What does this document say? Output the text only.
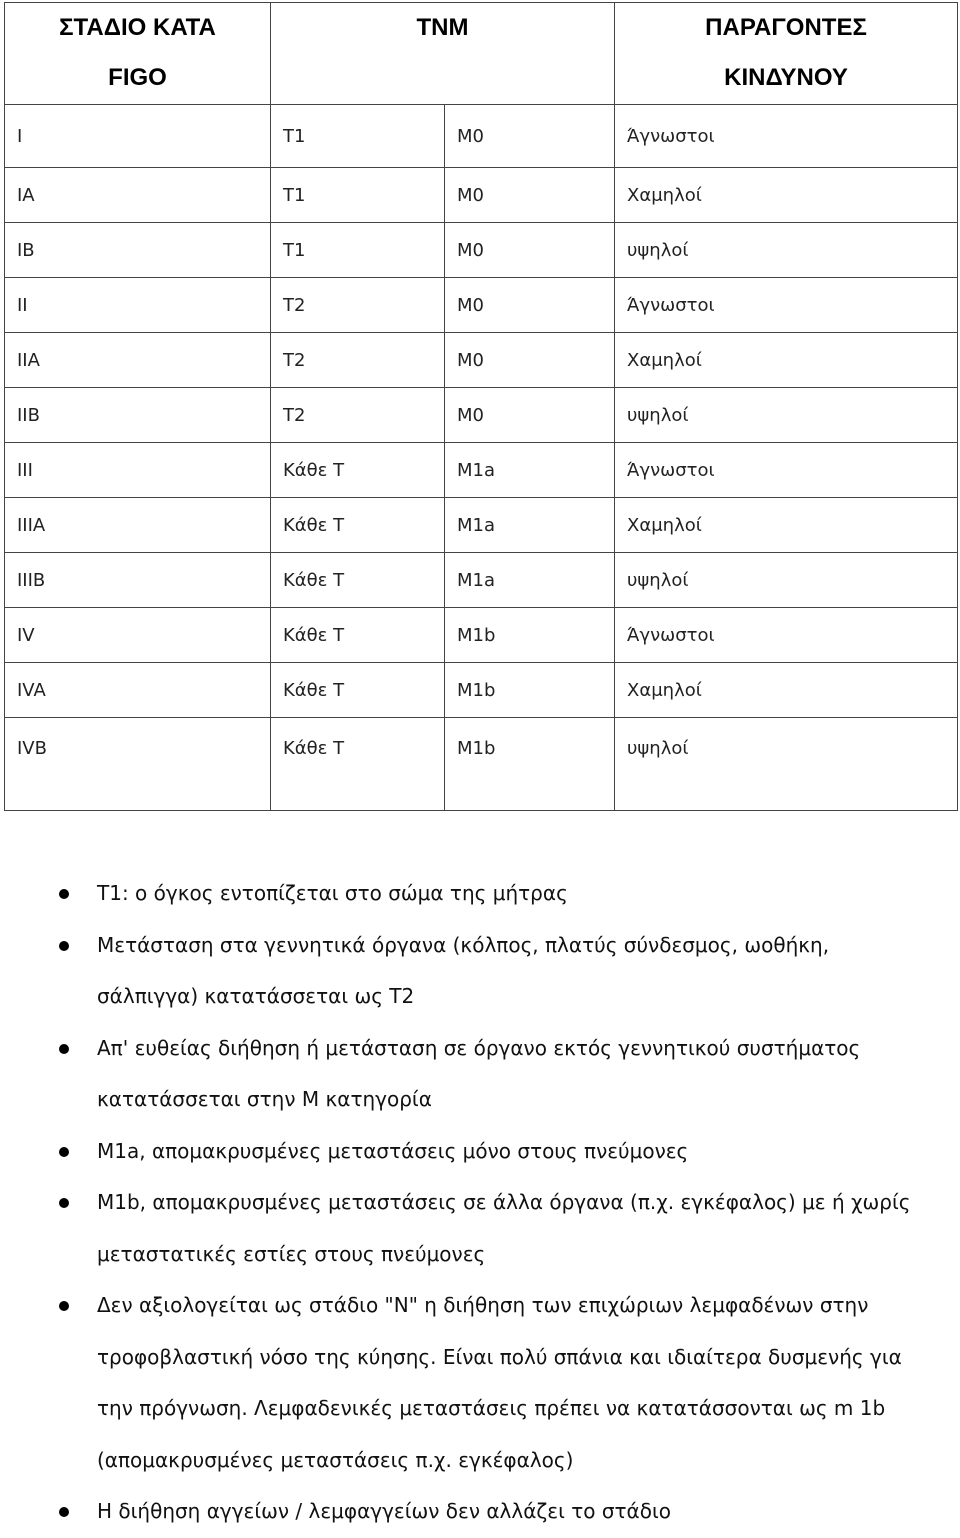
ΣΤΑΔΙΟ ΚΑΤΑ
FIGO	TNM		ΠΑΡΑΓΟΝΤΕΣ
ΚΙΝΔΥΝΟΥ

I	T1	M0	Άγνωστοι
IA	T1	M0	Χαμηλοί
IB	T1	M0	υψηλοί
II	T2	M0	Άγνωστοι
IIA	T2	M0	Χαμηλοί
IIB	T2	M0	υψηλοί
III	Κάθε Τ	M1a	Άγνωστοι
IIIA	Κάθε Τ	M1a	Χαμηλοί
IIIB	Κάθε Τ	M1a	υψηλοί
IV	Κάθε Τ	M1b	Άγνωστοι
IVA	Κάθε Τ	M1b	Χαμηλοί
IVB	Κάθε Τ	M1b	υψηλοί
T1: ο όγκος εντοπίζεται στο σώμα της μήτρας
Μετάσταση στα γεννητικά όργανα (κόλπος, πλατύς σύνδεσμος, ωοθήκη, σάλπιγγα) κατατάσσεται ως Τ2
Απ' ευθείας διήθηση ή μετάσταση σε όργανο εκτός γεννητικού συστήματος κατατάσσεται στην Μ κατηγορία
Μ1a, απομακρυσμένες μεταστάσεις μόνο στους πνεύμονες
M1b, απομακρυσμένες μεταστάσεις σε άλλα όργανα (π.χ. εγκέφαλος) με ή χωρίς μεταστατικές εστίες στους πνεύμονες
Δεν αξιολογείται ως στάδιο "Ν" η διήθηση των επιχώριων λεμφαδένων στην τροφοβλαστική νόσο της κύησης. Είναι πολύ σπάνια και ιδιαίτερα δυσμενής για την πρόγνωση. Λεμφαδενικές μεταστάσεις πρέπει να κατατάσσονται ως m 1b (απομακρυσμένες μεταστάσεις π.χ. εγκέφαλος)
Η διήθηση αγγείων / λεμφαγγείων δεν αλλάζει το στάδιο
